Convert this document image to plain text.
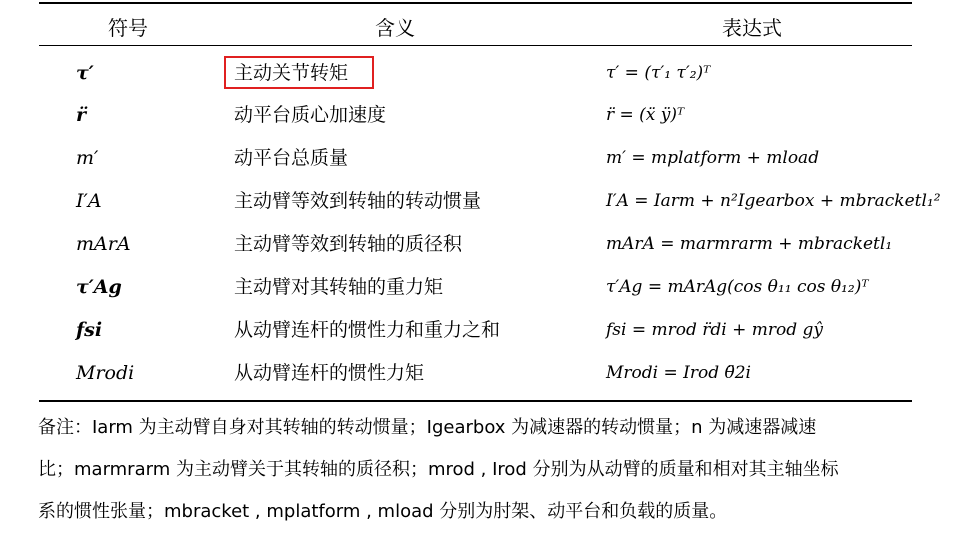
符号	含义	表达式
τ′	主动关节转矩	τ′ = (τ′₁ τ′₂)ᵀ
r̈	动平台质心加速度	r̈ = (ẍ ÿ)ᵀ
m′	动平台总质量	m′ = mplatform + mload
I′A	主动臂等效到转轴的转动惯量	I′A = Iarm + n²Igearbox + mbracketl₁²
mArA	主动臂等效到转轴的质径积	mArA = marmrarm + mbracketl₁
τ′Ag	主动臂对其转轴的重力矩	τ′Ag = mArAg(cos θ₁₁ cos θ₁₂)ᵀ
fsi	从动臂连杆的惯性力和重力之和	fsi = mrod r̈di + mrod gŷ
Mrodi	从动臂连杆的惯性力矩	Mrodi = Irod θ̈2i
备注：Iarm 为主动臂自身对其转轴的转动惯量；Igearbox 为减速器的转动惯量；n 为减速器减速
比；marmrarm 为主动臂关于其转轴的质径积；mrod , Irod 分别为从动臂的质量和相对其主轴坐标
系的惯性张量；mbracket , mplatform , mload 分别为肘架、动平台和负载的质量。
